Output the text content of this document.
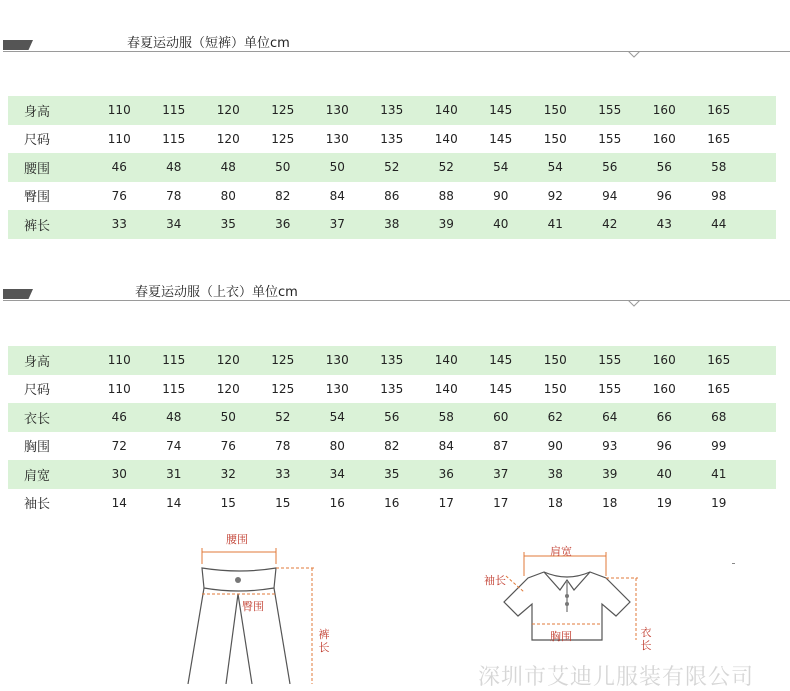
春夏运动服（短裤）单位cm
身高	110	115	120	125	130	135	140	145	150	155	160	165	
尺码	110	115	120	125	130	135	140	145	150	155	160	165	
腰围	46	48	48	50	50	52	52	54	54	56	56	58	
臀围	76	78	80	82	84	86	88	90	92	94	96	98	
裤长	33	34	35	36	37	38	39	40	41	42	43	44	
春夏运动服（上衣）单位cm
身高	110	115	120	125	130	135	140	145	150	155	160	165	
尺码	110	115	120	125	130	135	140	145	150	155	160	165	
衣长	46	48	50	52	54	56	58	60	62	64	66	68	
胸围	72	74	76	78	80	82	84	87	90	93	96	99	
肩宽	30	31	32	33	34	35	36	37	38	39	40	41	
袖长	14	14	15	15	16	16	17	17	18	18	19	19	
腰围
臀围
裤长
肩宽
袖长
胸围	衣长
深圳市艾迪儿服装有限公司
